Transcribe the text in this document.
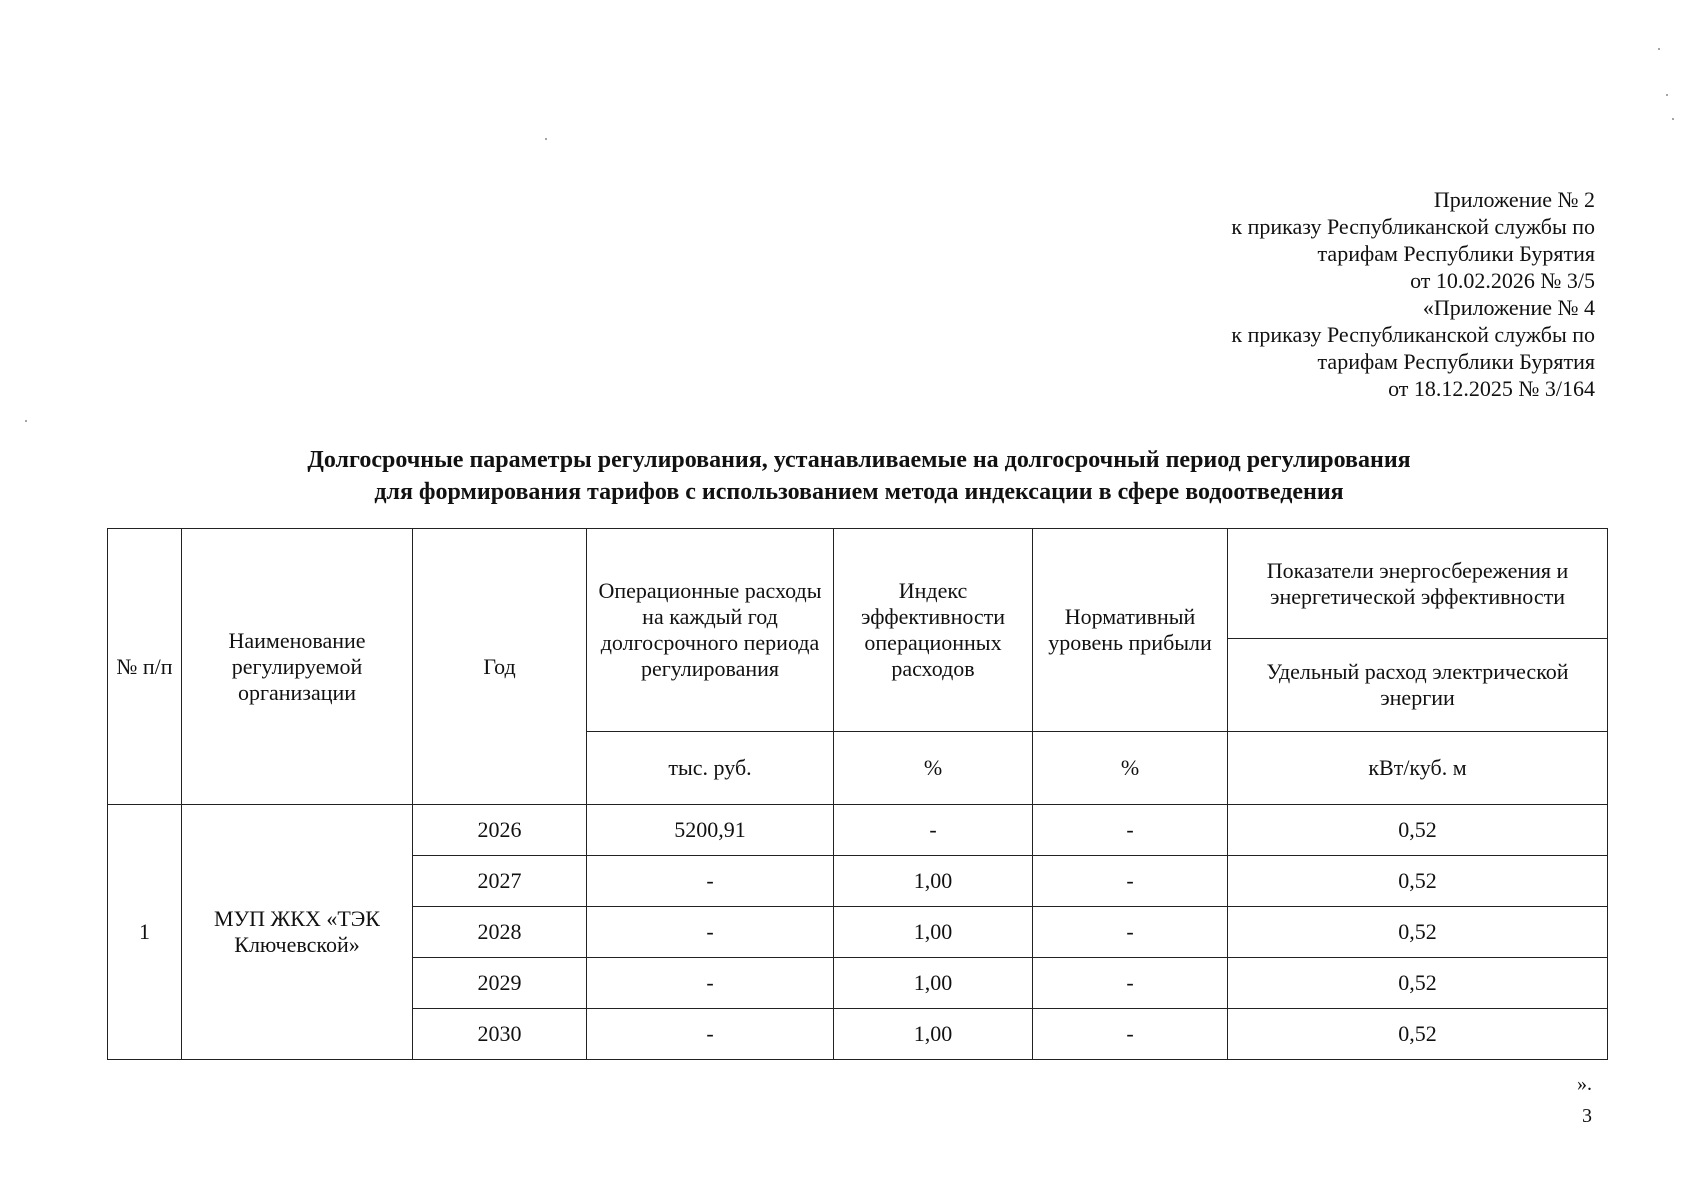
Приложение № 2
к приказу Республиканской службы по
тарифам Республики Бурятия
от 10.02.2026 № 3/5
«Приложение № 4
к приказу Республиканской службы по
тарифам Республики Бурятия
от 18.12.2025 № 3/164
Долгосрочные параметры регулирования, устанавливаемые на долгосрочный период регулирования
для формирования тарифов с использованием метода индексации в сфере водоотведения
№ п/п	Наименование регулируемой организации	Год	Операционные расходы на каждый год долгосрочного периода регулирования	Индекс эффективности операционных расходов	Нормативный уровень прибыли	Показатели энергосбережения и энергетической эффективности
						Удельный расход электрической энергии
			тыс. руб.	%	%	кВт/куб. м
1	МУП ЖКХ «ТЭК Ключевской»	2026	5200,91	-	-	0,52
		2027	-	1,00	-	0,52
		2028	-	1,00	-	0,52
		2029	-	1,00	-	0,52
		2030	-	1,00	-	0,52
».
3
